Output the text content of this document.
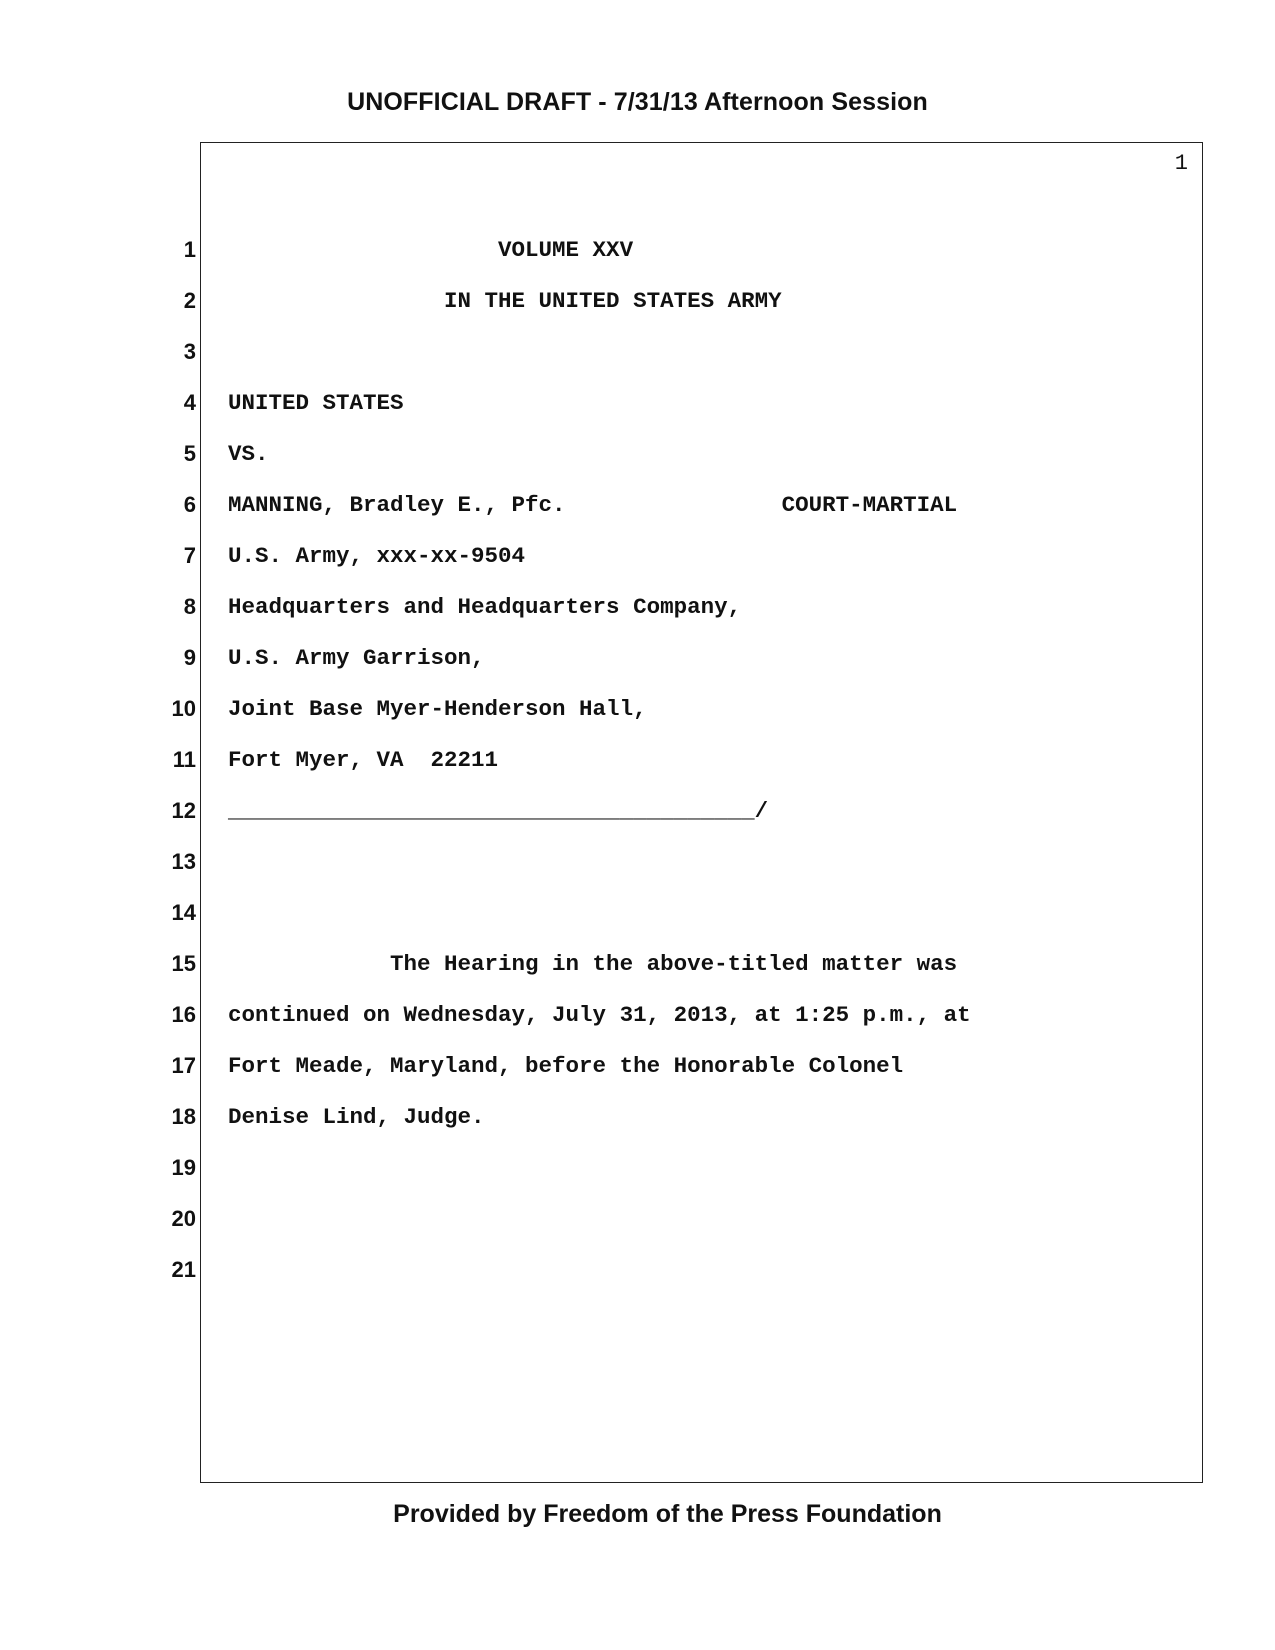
UNOFFICIAL DRAFT - 7/31/13 Afternoon Session
1
1 VOLUME XXV
2 IN THE UNITED STATES ARMY
3
4 UNITED STATES
5 VS.
6 MANNING, Bradley E., Pfc.                COURT-MARTIAL
7 U.S. Army, xxx-xx-9504
8 Headquarters and Headquarters Company,
9 U.S. Army Garrison,
10 Joint Base Myer-Henderson Hall,
11 Fort Myer, VA  22211
12 _______________________________________/
13
14
15 The Hearing in the above-titled matter was
16 continued on Wednesday, July 31, 2013, at 1:25 p.m., at
17 Fort Meade, Maryland, before the Honorable Colonel
18 Denise Lind, Judge.
19
20
21
Provided by Freedom of the Press Foundation
